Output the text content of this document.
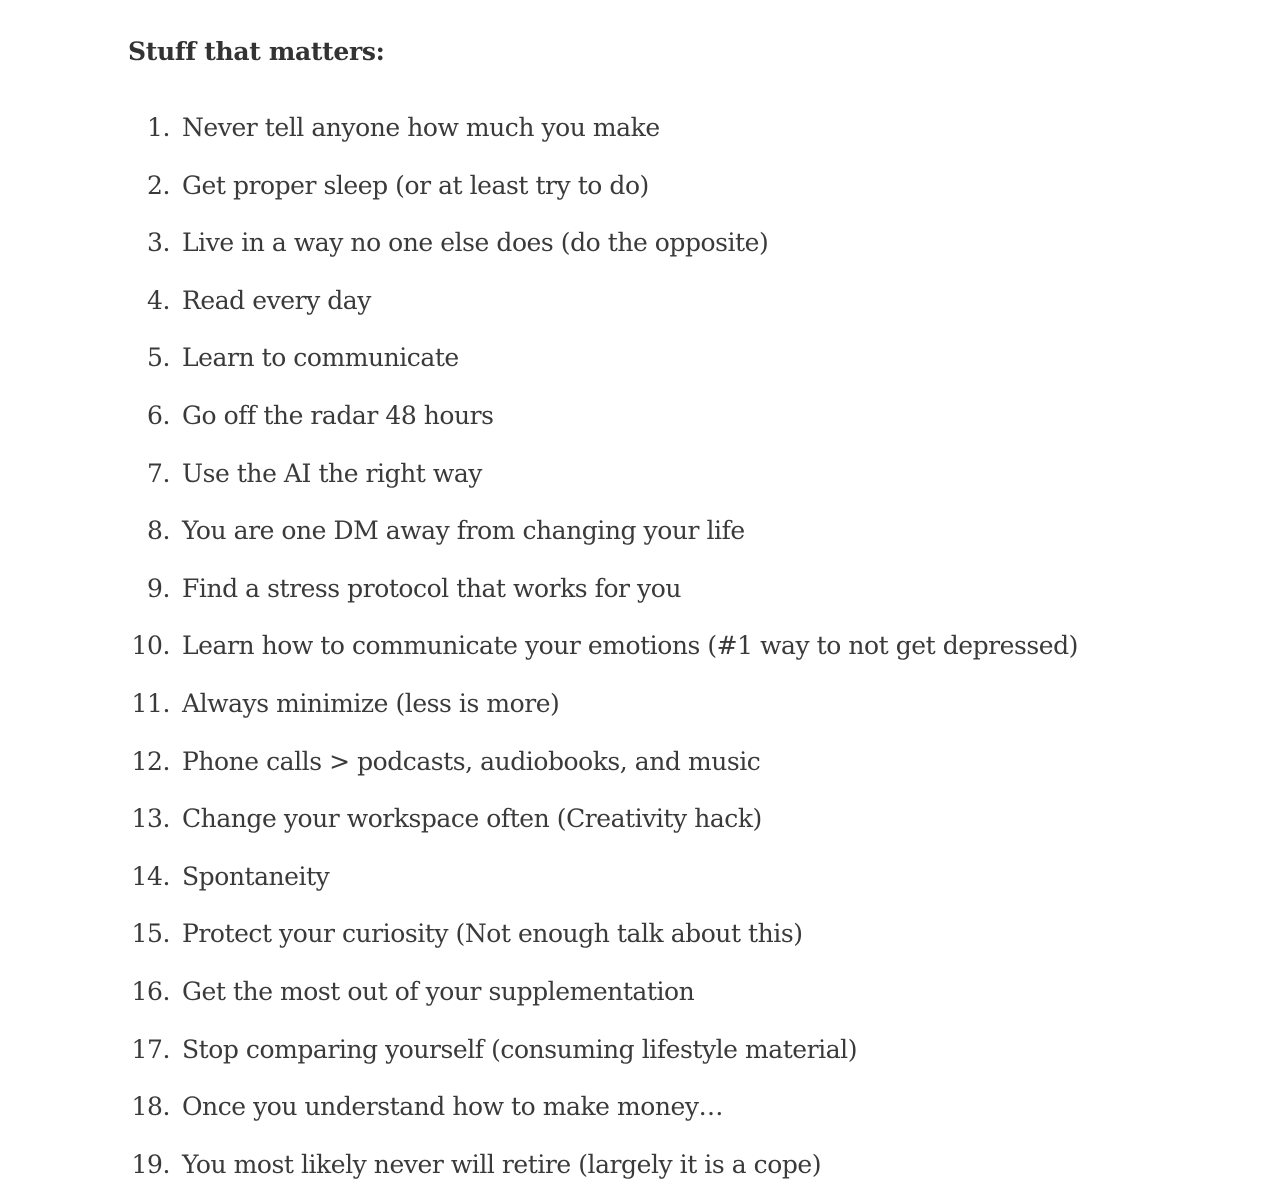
Stuff that matters:
1. Never tell anyone how much you make
2. Get proper sleep (or at least try to do)
3. Live in a way no one else does (do the opposite)
4. Read every day
5. Learn to communicate
6. Go off the radar 48 hours
7. Use the AI the right way
8. You are one DM away from changing your life
9. Find a stress protocol that works for you
10. Learn how to communicate your emotions (#1 way to not get depressed)
11. Always minimize (less is more)
12. Phone calls > podcasts, audiobooks, and music
13. Change your workspace often (Creativity hack)
14. Spontaneity
15. Protect your curiosity (Not enough talk about this)
16. Get the most out of your supplementation
17. Stop comparing yourself (consuming lifestyle material)
18. Once you understand how to make money…
19. You most likely never will retire (largely it is a cope)
